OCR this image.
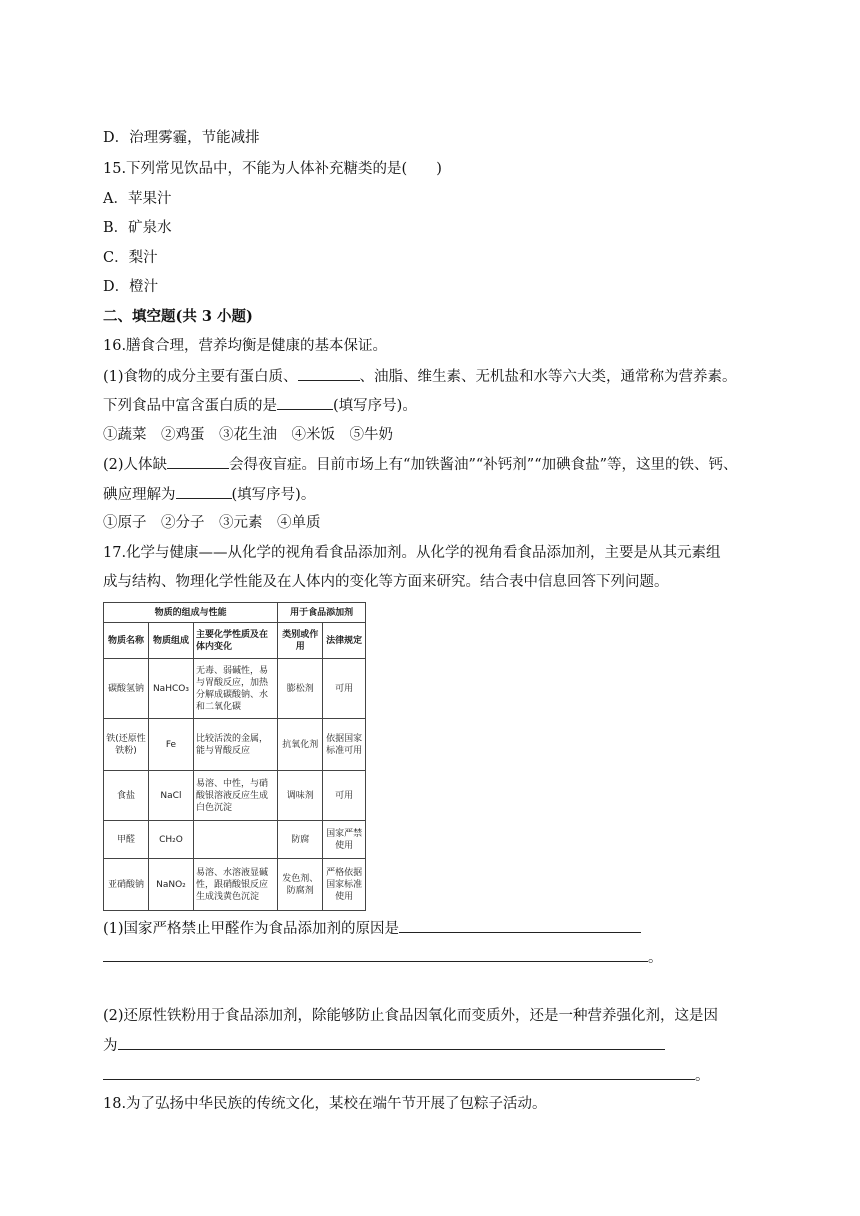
D．治理雾霾，节能减排
15.下列常见饮品中，不能为人体补充糖类的是(　　)
A．苹果汁
B．矿泉水
C．梨汁
D．橙汁
二、填空题(共 3 小题)
16.膳食合理，营养均衡是健康的基本保证。
(1)食物的成分主要有蛋白质、	、油脂、维生素、无机盐和水等六大类，通常称为营养素。
下列食品中富含蛋白质的是	(填写序号)。
①蔬菜　②鸡蛋　③花生油　④米饭　⑤牛奶
(2)人体缺	会得夜盲症。目前市场上有“加铁酱油”“补钙剂”“加碘食盐”等，这里的铁、钙、
碘应理解为	(填写序号)。
①原子　②分子　③元素　④单质
17.化学与健康——从化学的视角看食品添加剂。从化学的视角看食品添加剂，主要是从其元素组
成与结构、物理化学性能及在人体内的变化等方面来研究。结合表中信息回答下列问题。
物质的组成与性能			用于食品添加剂	
物质名称	物质组成	主要化学性质及在体内变化	类别或作用	法律规定
碳酸氢钠	NaHCO₃	无毒、弱碱性，易与胃酸反应，加热分解成碳酸钠、水和二氧化碳	膨松剂	可用
铁(还原性铁粉)	Fe	比较活泼的金属，能与胃酸反应	抗氧化剂	依据国家标准可用
食盐	NaCl	易溶、中性，与硝酸银溶液反应生成白色沉淀	调味剂	可用
甲醛	CH₂O		防腐	国家严禁使用
亚硝酸钠	NaNO₂	易溶、水溶液显碱性，跟硝酸银反应生成浅黄色沉淀	发色剂、防腐剂	严格依据国家标准使用
(1)国家严格禁止甲醛作为食品添加剂的原因是
。
(2)还原性铁粉用于食品添加剂，除能够防止食品因氧化而变质外，还是一种营养强化剂，这是因
为
。
18.为了弘扬中华民族的传统文化，某校在端午节开展了包粽子活动。
